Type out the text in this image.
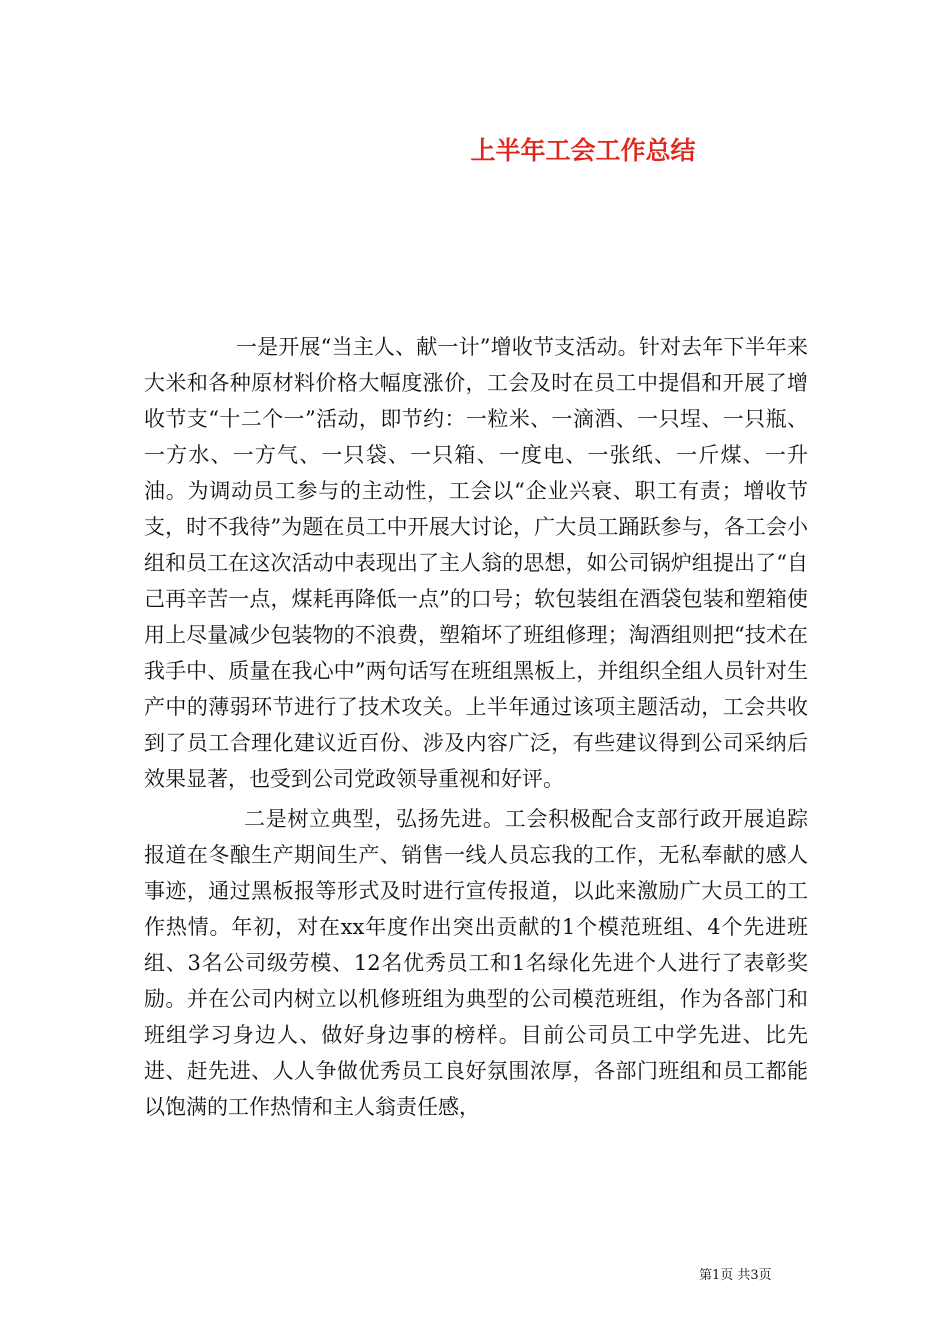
上半年工会工作总结

一是开展“当主人、献一计”增收节支活动。针对去年下半年来大米和各种原材料价格大幅度涨价，工会及时在员工中提倡和开展了增收节支“十二个一”活动，即节约：一粒米、一滴酒、一只埕、一只瓶、一方水、一方气、一只袋、一只箱、一度电、一张纸、一斤煤、一升油。为调动员工参与的主动性，工会以“企业兴衰、职工有责；增收节支，时不我待”为题在员工中开展大讨论，广大员工踊跃参与，各工会小组和员工在这次活动中表现出了主人翁的思想，如公司锅炉组提出了“自己再辛苦一点，煤耗再降低一点”的口号；软包装组在酒袋包装和塑箱使用上尽量减少包装物的不浪费，塑箱坏了班组修理；淘酒组则把“技术在我手中、质量在我心中”两句话写在班组黑板上，并组织全组人员针对生产中的薄弱环节进行了技术攻关。上半年通过该项主题活动，工会共收到了员工合理化建议近百份、涉及内容广泛，有些建议得到公司采纳后效果显著，也受到公司党政领导重视和好评。

二是树立典型，弘扬先进。工会积极配合支部行政开展追踪报道在冬酿生产期间生产、销售一线人员忘我的工作，无私奉献的感人事迹，通过黑板报等形式及时进行宣传报道，以此来激励广大员工的工作热情。年初，对在xx年度作出突出贡献的1个模范班组、4个先进班组、3名公司级劳模、12名优秀员工和1名绿化先进个人进行了表彰奖励。并在公司内树立以机修班组为典型的公司模范班组，作为各部门和班组学习身边人、做好身边事的榜样。目前公司员工中学先进、比先进、赶先进、人人争做优秀员工良好氛围浓厚，各部门班组和员工都能以饱满的工作热情和主人翁责任感，

第1页 共3页
